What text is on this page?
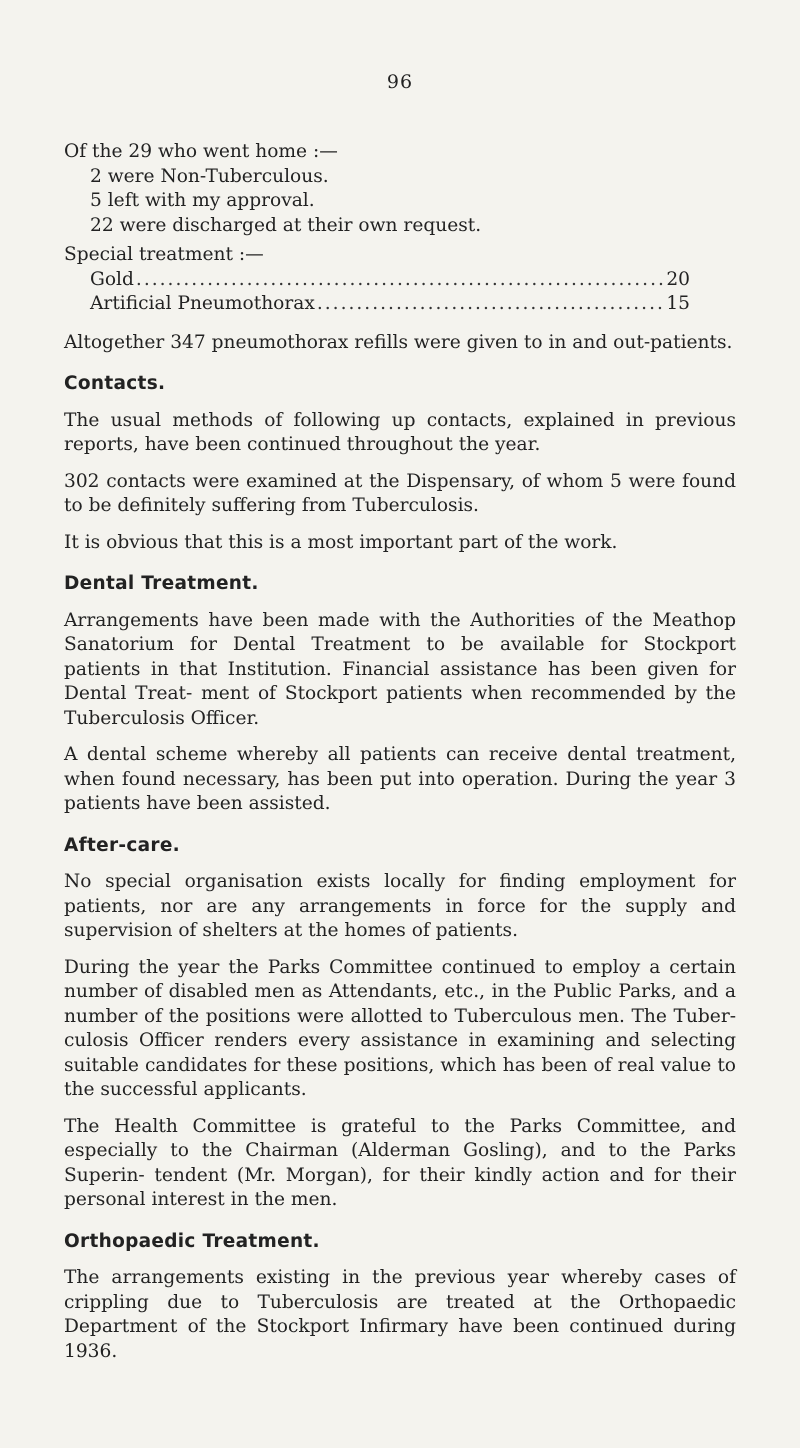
96

Of the 29 who went home :—

2 were Non-Tuberculous.

5 left with my approval.

22 were discharged at their own request.

Special treatment :—

Gold .....	20
Artificial Pneumothorax .....	15

Altogether 347 pneumothorax refills were given to in and out-patients.

Contacts.

The usual methods of following up contacts, explained in previous reports, have been continued throughout the year.

302 contacts were examined at the Dispensary, of whom 5 were found to be definitely suffering from Tuberculosis.

It is obvious that this is a most important part of the work.

Dental Treatment.

Arrangements have been made with the Authorities of the Meathop Sanatorium for Dental Treatment to be available for Stockport patients in that Institution. Financial assistance has been given for Dental Treat- ment of Stockport patients when recommended by the Tuberculosis Officer.

A dental scheme whereby all patients can receive dental treatment, when found necessary, has been put into operation. During the year 3 patients have been assisted.

After-care.

No special organisation exists locally for finding employment for patients, nor are any arrangements in force for the supply and supervision of shelters at the homes of patients.

During the year the Parks Committee continued to employ a certain number of disabled men as Attendants, etc., in the Public Parks, and a number of the positions were allotted to Tuberculous men. The Tuber- culosis Officer renders every assistance in examining and selecting suitable candidates for these positions, which has been of real value to the successful applicants.

The Health Committee is grateful to the Parks Committee, and especially to the Chairman (Alderman Gosling), and to the Parks Superin- tendent (Mr. Morgan), for their kindly action and for their personal interest in the men.

Orthopaedic Treatment.

The arrangements existing in the previous year whereby cases of crippling due to Tuberculosis are treated at the Orthopaedic Department of the Stockport Infirmary have been continued during 1936.
